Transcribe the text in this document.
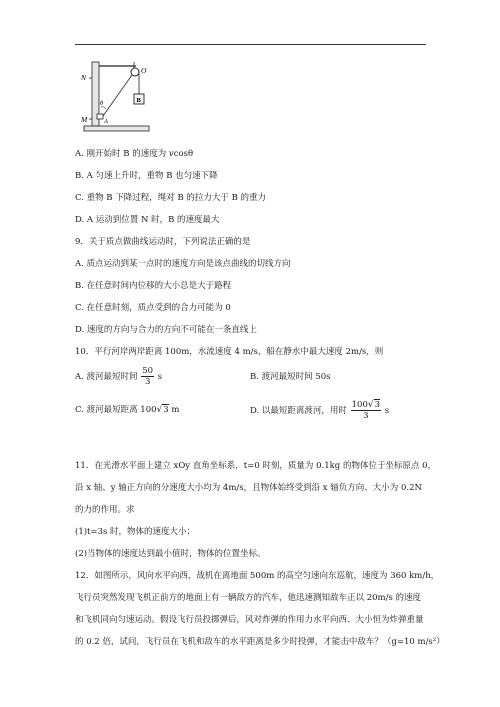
N
O
B
θ
M	A
A. 刚开始时 B 的速度为 vcosθ
B. A 匀速上升时，重物 B 也匀速下降
C. 重物 B 下降过程，绳对 B 的拉力大于 B 的重力
D. A 运动到位置 N 时，B 的速度最大
9．关于质点做曲线运动时，下列说法正确的是
A. 质点运动到某一点时的速度方向是该点曲线的切线方向
B. 在任意时间内位移的大小总是大于路程
C. 在任意时刻，质点受到的合力可能为 0
D. 速度的方向与合力的方向不可能在一条直线上
10．平行河岸两岸距离 100m，水流速度 4 m/s，船在静水中最大速度 2m/s，则
A. 渡河最短时间 $\frac{50}{3}$ s	B. 渡河最短时间 50s
C. 渡河最短距离 100√3 m	D. 以最短距离渡河，用时 $\frac{100√3}{3}$ s
11．在光滑水平面上建立 xOy 直角坐标系，t=0 时刻，质量为 0.1kg 的物体位于坐标原点 0，
沿 x 轴、y 轴正方向的分速度大小均为 4m/s，且物体始终受到沿 x 轴负方向、大小为 0.2N
的力的作用。求
(1)t=3s 时，物体的速度大小；
(2)当物体的速度达到最小值时，物体的位置坐标。
12．如图所示，风向水平向西，战机在离地面 500m 的高空匀速向东巡航，速度为 360 km/h，
飞行员突然发现飞机正前方的地面上有一辆敌方的汽车，他迅速测知敌车正以 20m/s 的速度
和飞机同向匀速运动。假设飞行员投掷弹后，风对炸弹的作用力水平向西、大小恒为炸弹重量
的 0.2 倍，试问，飞行员在飞机和敌车的水平距离是多少时投弹，才能击中敌车？（g=10 m/s²）
